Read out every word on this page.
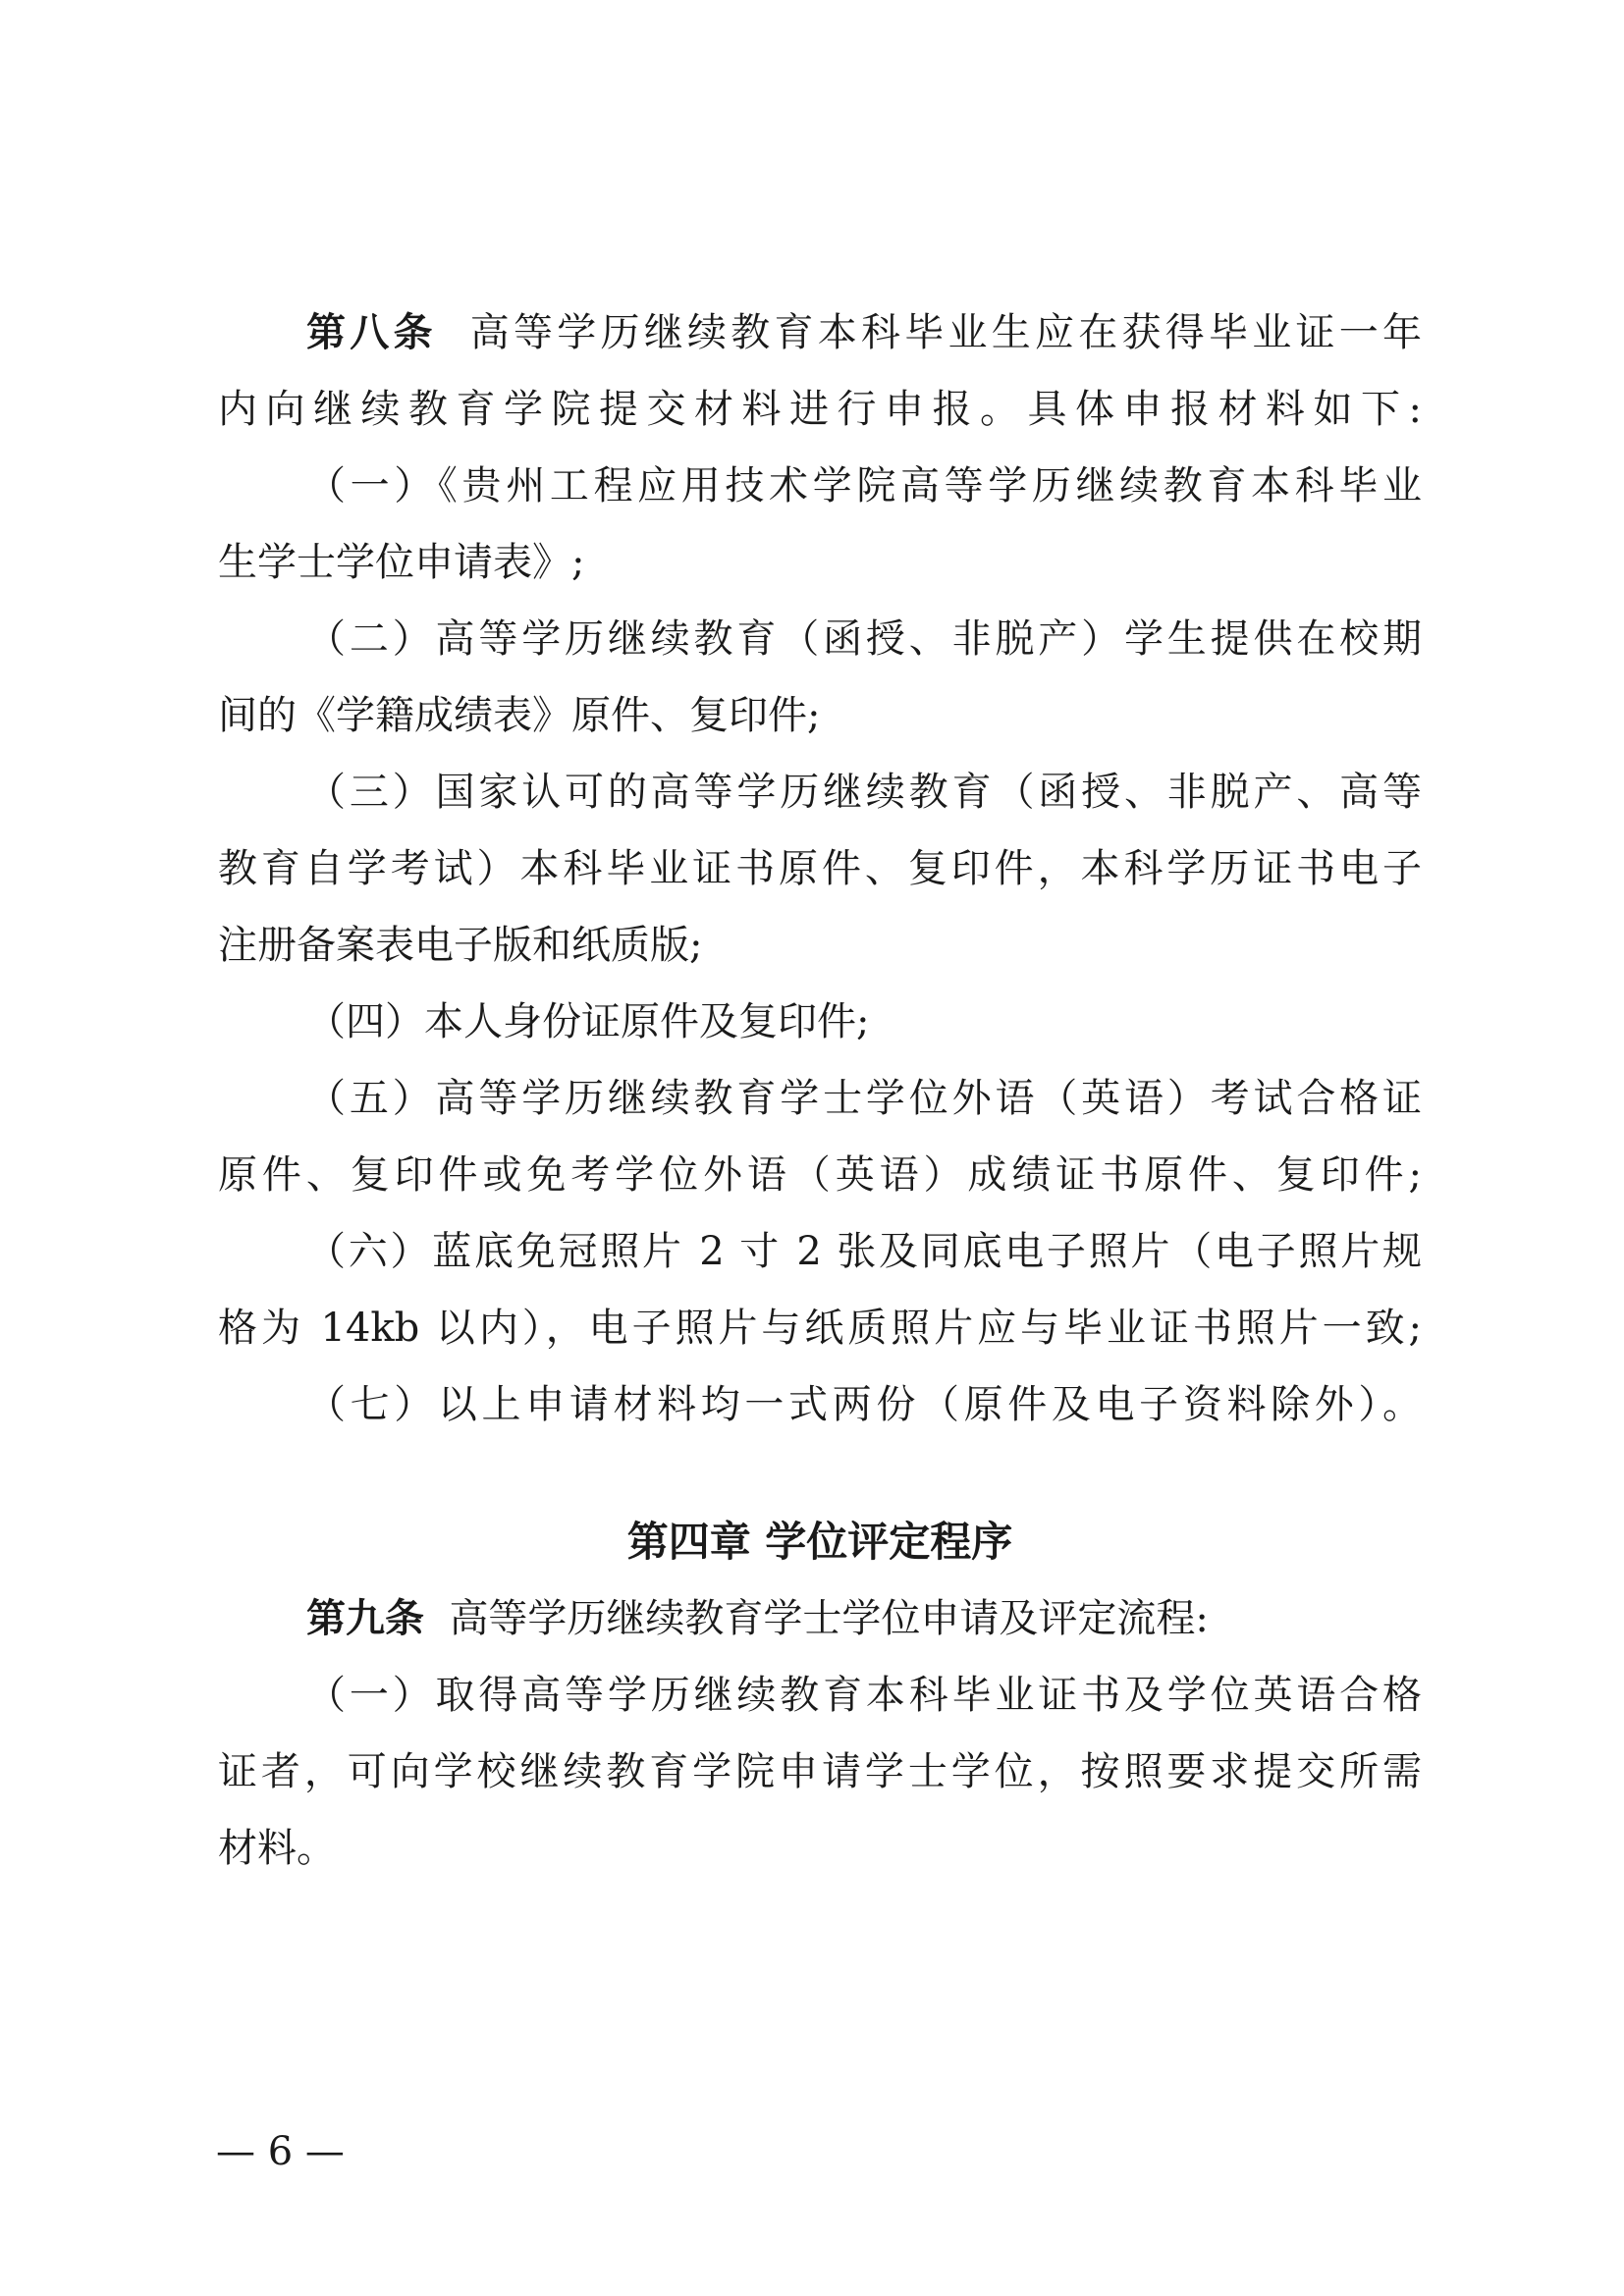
第八条 高等学历继续教育本科毕业生应在获得毕业证一年

内向继续教育学院提交材料进行申报。具体申报材料如下:

（一）《贵州工程应用技术学院高等学历继续教育本科毕业

生学士学位申请表》;

（二）高等学历继续教育（函授、非脱产）学生提供在校期

间的《学籍成绩表》原件、复印件;

（三）国家认可的高等学历继续教育（函授、非脱产、高等

教育自学考试）本科毕业证书原件、复印件，本科学历证书电子

注册备案表电子版和纸质版;

（四）本人身份证原件及复印件;

（五）高等学历继续教育学士学位外语（英语）考试合格证

原件、复印件或免考学位外语（英语）成绩证书原件、复印件;

（六）蓝底免冠照片 2 寸 2 张及同底电子照片（电子照片规

格为 14kb 以内），电子照片与纸质照片应与毕业证书照片一致;

（七）以上申请材料均一式两份（原件及电子资料除外）。

第四章 学位评定程序

第九条 高等学历继续教育学士学位申请及评定流程:

（一）取得高等学历继续教育本科毕业证书及学位英语合格

证者，可向学校继续教育学院申请学士学位，按照要求提交所需

材料。

— 6 —
